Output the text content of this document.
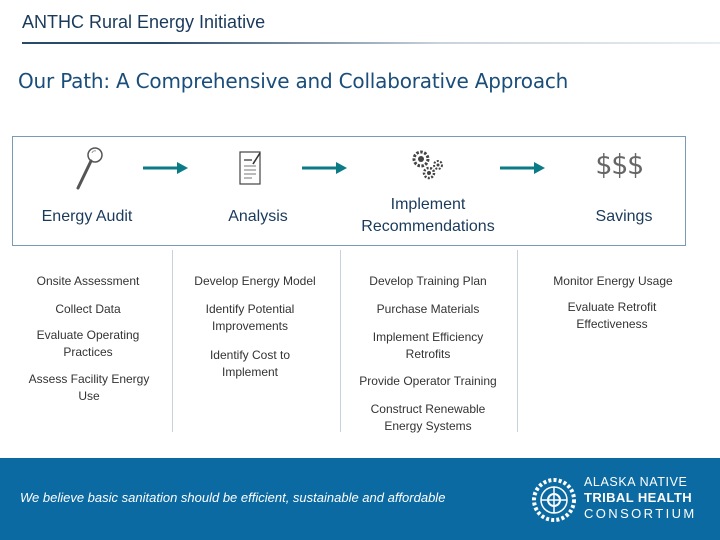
ANTHC Rural Energy Initiative
Our Path: A Comprehensive and Collaborative Approach
$$$
Energy Audit	Analysis
Implement Recommendations
Savings
Onsite Assessment
Collect Data
Evaluate Operating Practices
Assess Facility Energy Use
Develop Energy Model
Identify Potential Improvements
Identify Cost to Implement
Develop Training Plan
Purchase Materials
Implement Efficiency Retrofits
Provide Operator Training
Construct Renewable Energy Systems
Monitor Energy Usage
Evaluate Retrofit Effectiveness
We believe basic sanitation should be efficient, sustainable and affordable
ALASKA NATIVE
TRIBAL HEALTH
CONSORTIUM
